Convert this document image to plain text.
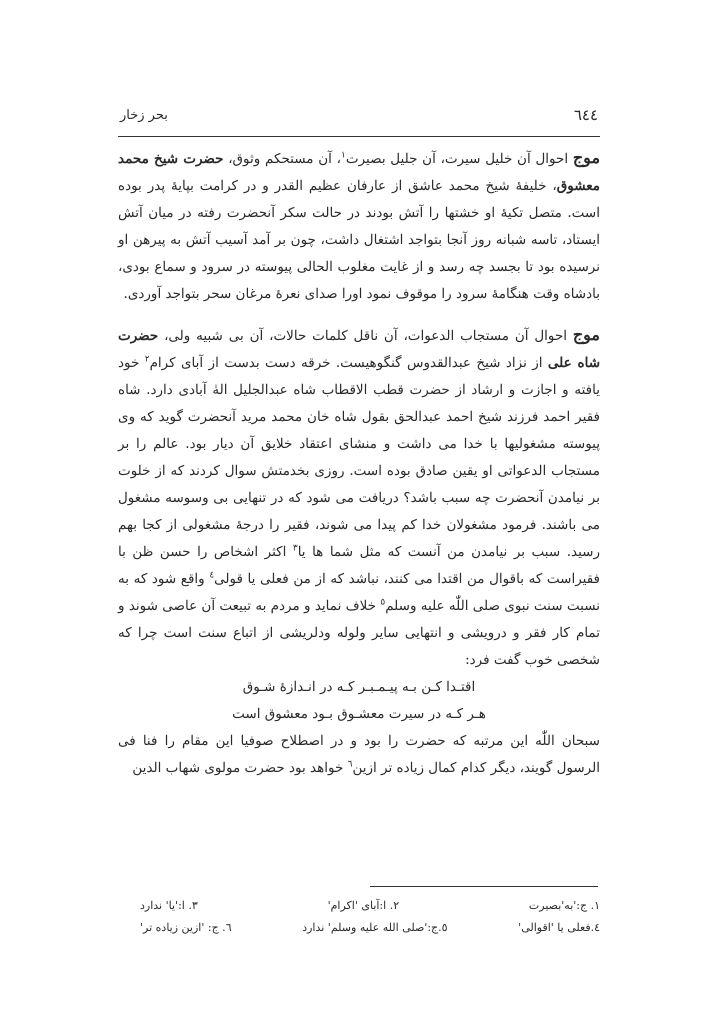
بحر زخار	٦٤٤

موج احوال آن خلیل سیرت، آن جلیل بصیرت$^١$، آن مستحکم وثوق، حضرت شیخ محمد معشوق، خلیفهٔ شیخ محمد عاشق از عارفان عظیم القدر و در کرامت بپایهٔ پدر بوده است. متصل تکیهٔ او خشتها را آتش بودند در حالت سکر آنحضرت رفته در میان آتش ایستاد، تاسه شبانه روز آنجا بتواجد اشتغال داشت، چون بر آمد آسیب آتش به پیرهن او نرسیده بود تا بجسد چه رسد و از غایت مغلوب الحالی پیوسته در سرود و سماع بودی، بادشاه وقت هنگامهٔ سرود را موقوف نمود اورا صدای نعرهٔ مرغان سحر بتواجد آوردی.

موج احوال آن مستجاب الدعوات، آن ناقل کلمات حالات، آن بی شبیه ولی، حضرت شاه علی از نزاد شیخ عبدالقدوس گنگوهیست. خرقه دست بدست از آبای کرام$^٢$ خود یافته و اجازت و ارشاد از حضرت قطب الاقطاب شاه عبدالجلیل الهٰ آبادی دارد. شاه فقیر احمد فرزند شیخ احمد عبدالحق بقول شاه خان محمد مرید آنحضرت گوید که وی پیوسته مشغولیها با خدا می داشت و منشای اعتقاد خلایق آن دیار بود. عالم را بر مستجاب الدعواتی او یقین صادق بوده است. روزی بخدمتش سوال کردند که از خلوت بر نیامدن آنحضرت چه سبب باشد؟ دریافت می شود که در تنهایی بی وسوسه مشغول می باشند. فرمود مشغولان خدا کم پیدا می شوند، فقیر را درجهٔ مشغولی از کجا بهم رسید. سبب بر نیامدن من آنست که مثل شما ها یا$^٣$ اکثر اشخاص را حسن ظن با فقیراست که باقوال من اقتدا می کنند، نباشد که از من فعلی یا قولی$^٤$ واقع شود که به نسبت سنت نبوی صلی اللّٰه علیه وسلم$^٥$ خلاف نماید و مردم به تبیعت آن عاصی شوند و تمام کار فقر و درویشی و انتهایی سایر ولوله ودلریشی از اتباع سنت است چرا که شخصی خوب گفت فرد:

اقتـدا کـن بـه پیـمـبـر کـه در انـدازهٔ شـوق
هـر کـه در سیرت معشـوق بـود معشوق است

سبحان اللّٰه این مرتبه که حضرت را بود و در اصطلاح صوفیا این مقام را فنا فی الرسول گویند، دیگر کدام کمال زیاده تر ازین$^٦$ خواهد بود حضرت مولوی شهاب الدین

١. ج:'به'بصیرت
٢. ا:آبای 'اکرام'
٣. ا:'یا' ندارد
٤.فعلی یا 'اقوالی'
٥.ج:'صلی الله علیه وسلم' ندارد
٦. ج: 'ازین زیاده تر'
